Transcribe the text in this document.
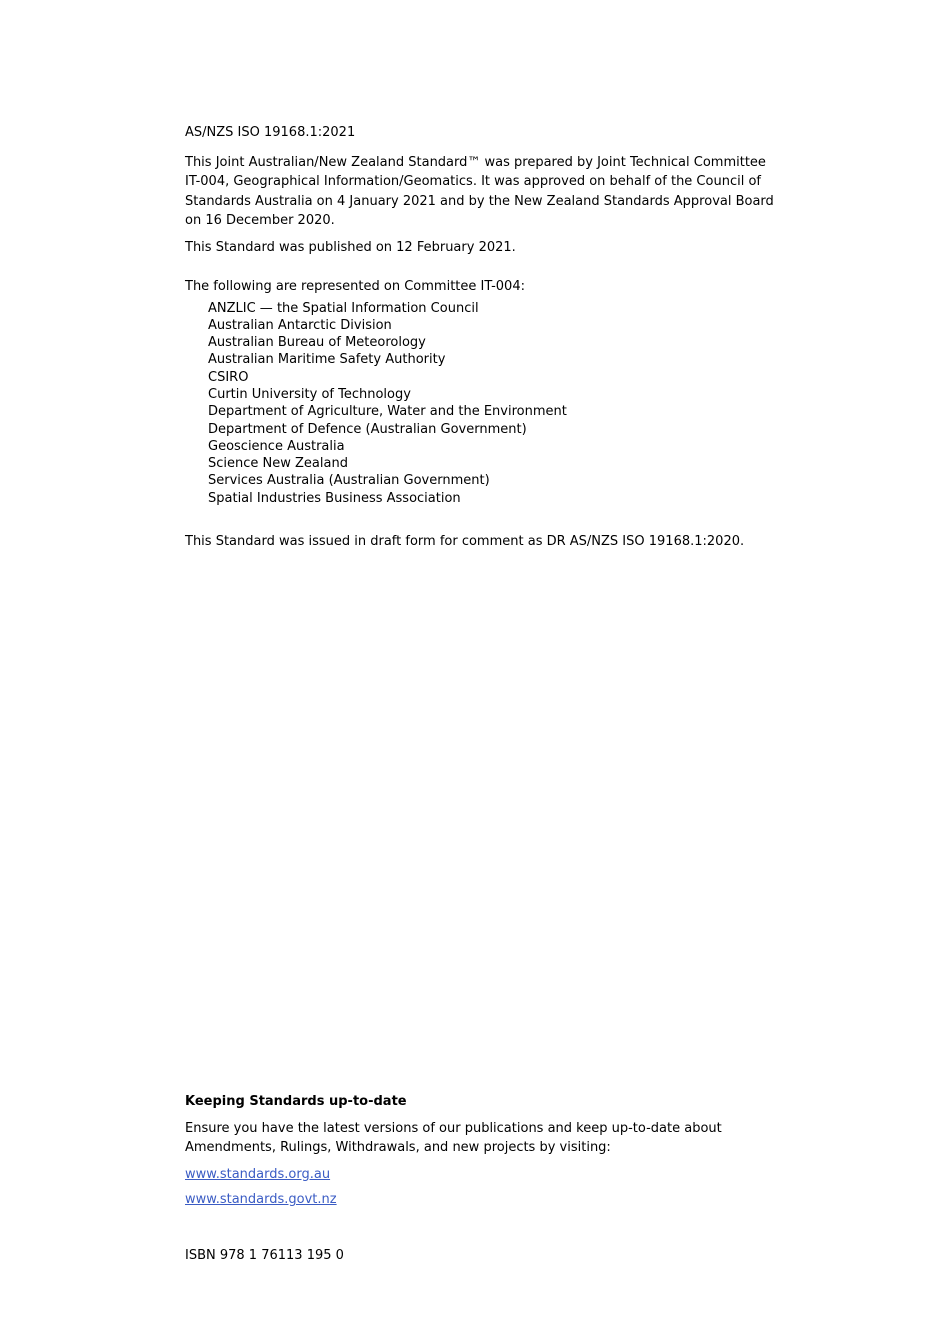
AS/NZS ISO 19168.1:2021

This Joint Australian/New Zealand Standard™ was prepared by Joint Technical Committee IT-004, Geographical Information/Geomatics. It was approved on behalf of the Council of Standards Australia on 4 January 2021 and by the New Zealand Standards Approval Board on 16 December 2020.

This Standard was published on 12 February 2021.

The following are represented on Committee IT-004:

ANZLIC — the Spatial Information Council
Australian Antarctic Division
Australian Bureau of Meteorology
Australian Maritime Safety Authority
CSIRO
Curtin University of Technology
Department of Agriculture, Water and the Environment
Department of Defence (Australian Government)
Geoscience Australia
Science New Zealand
Services Australia (Australian Government)
Spatial Industries Business Association

This Standard was issued in draft form for comment as DR AS/NZS ISO 19168.1:2020.

Keeping Standards up-to-date

Ensure you have the latest versions of our publications and keep up-to-date about Amendments, Rulings, Withdrawals, and new projects by visiting:

www.standards.org.au

www.standards.govt.nz

ISBN 978 1 76113 195 0
